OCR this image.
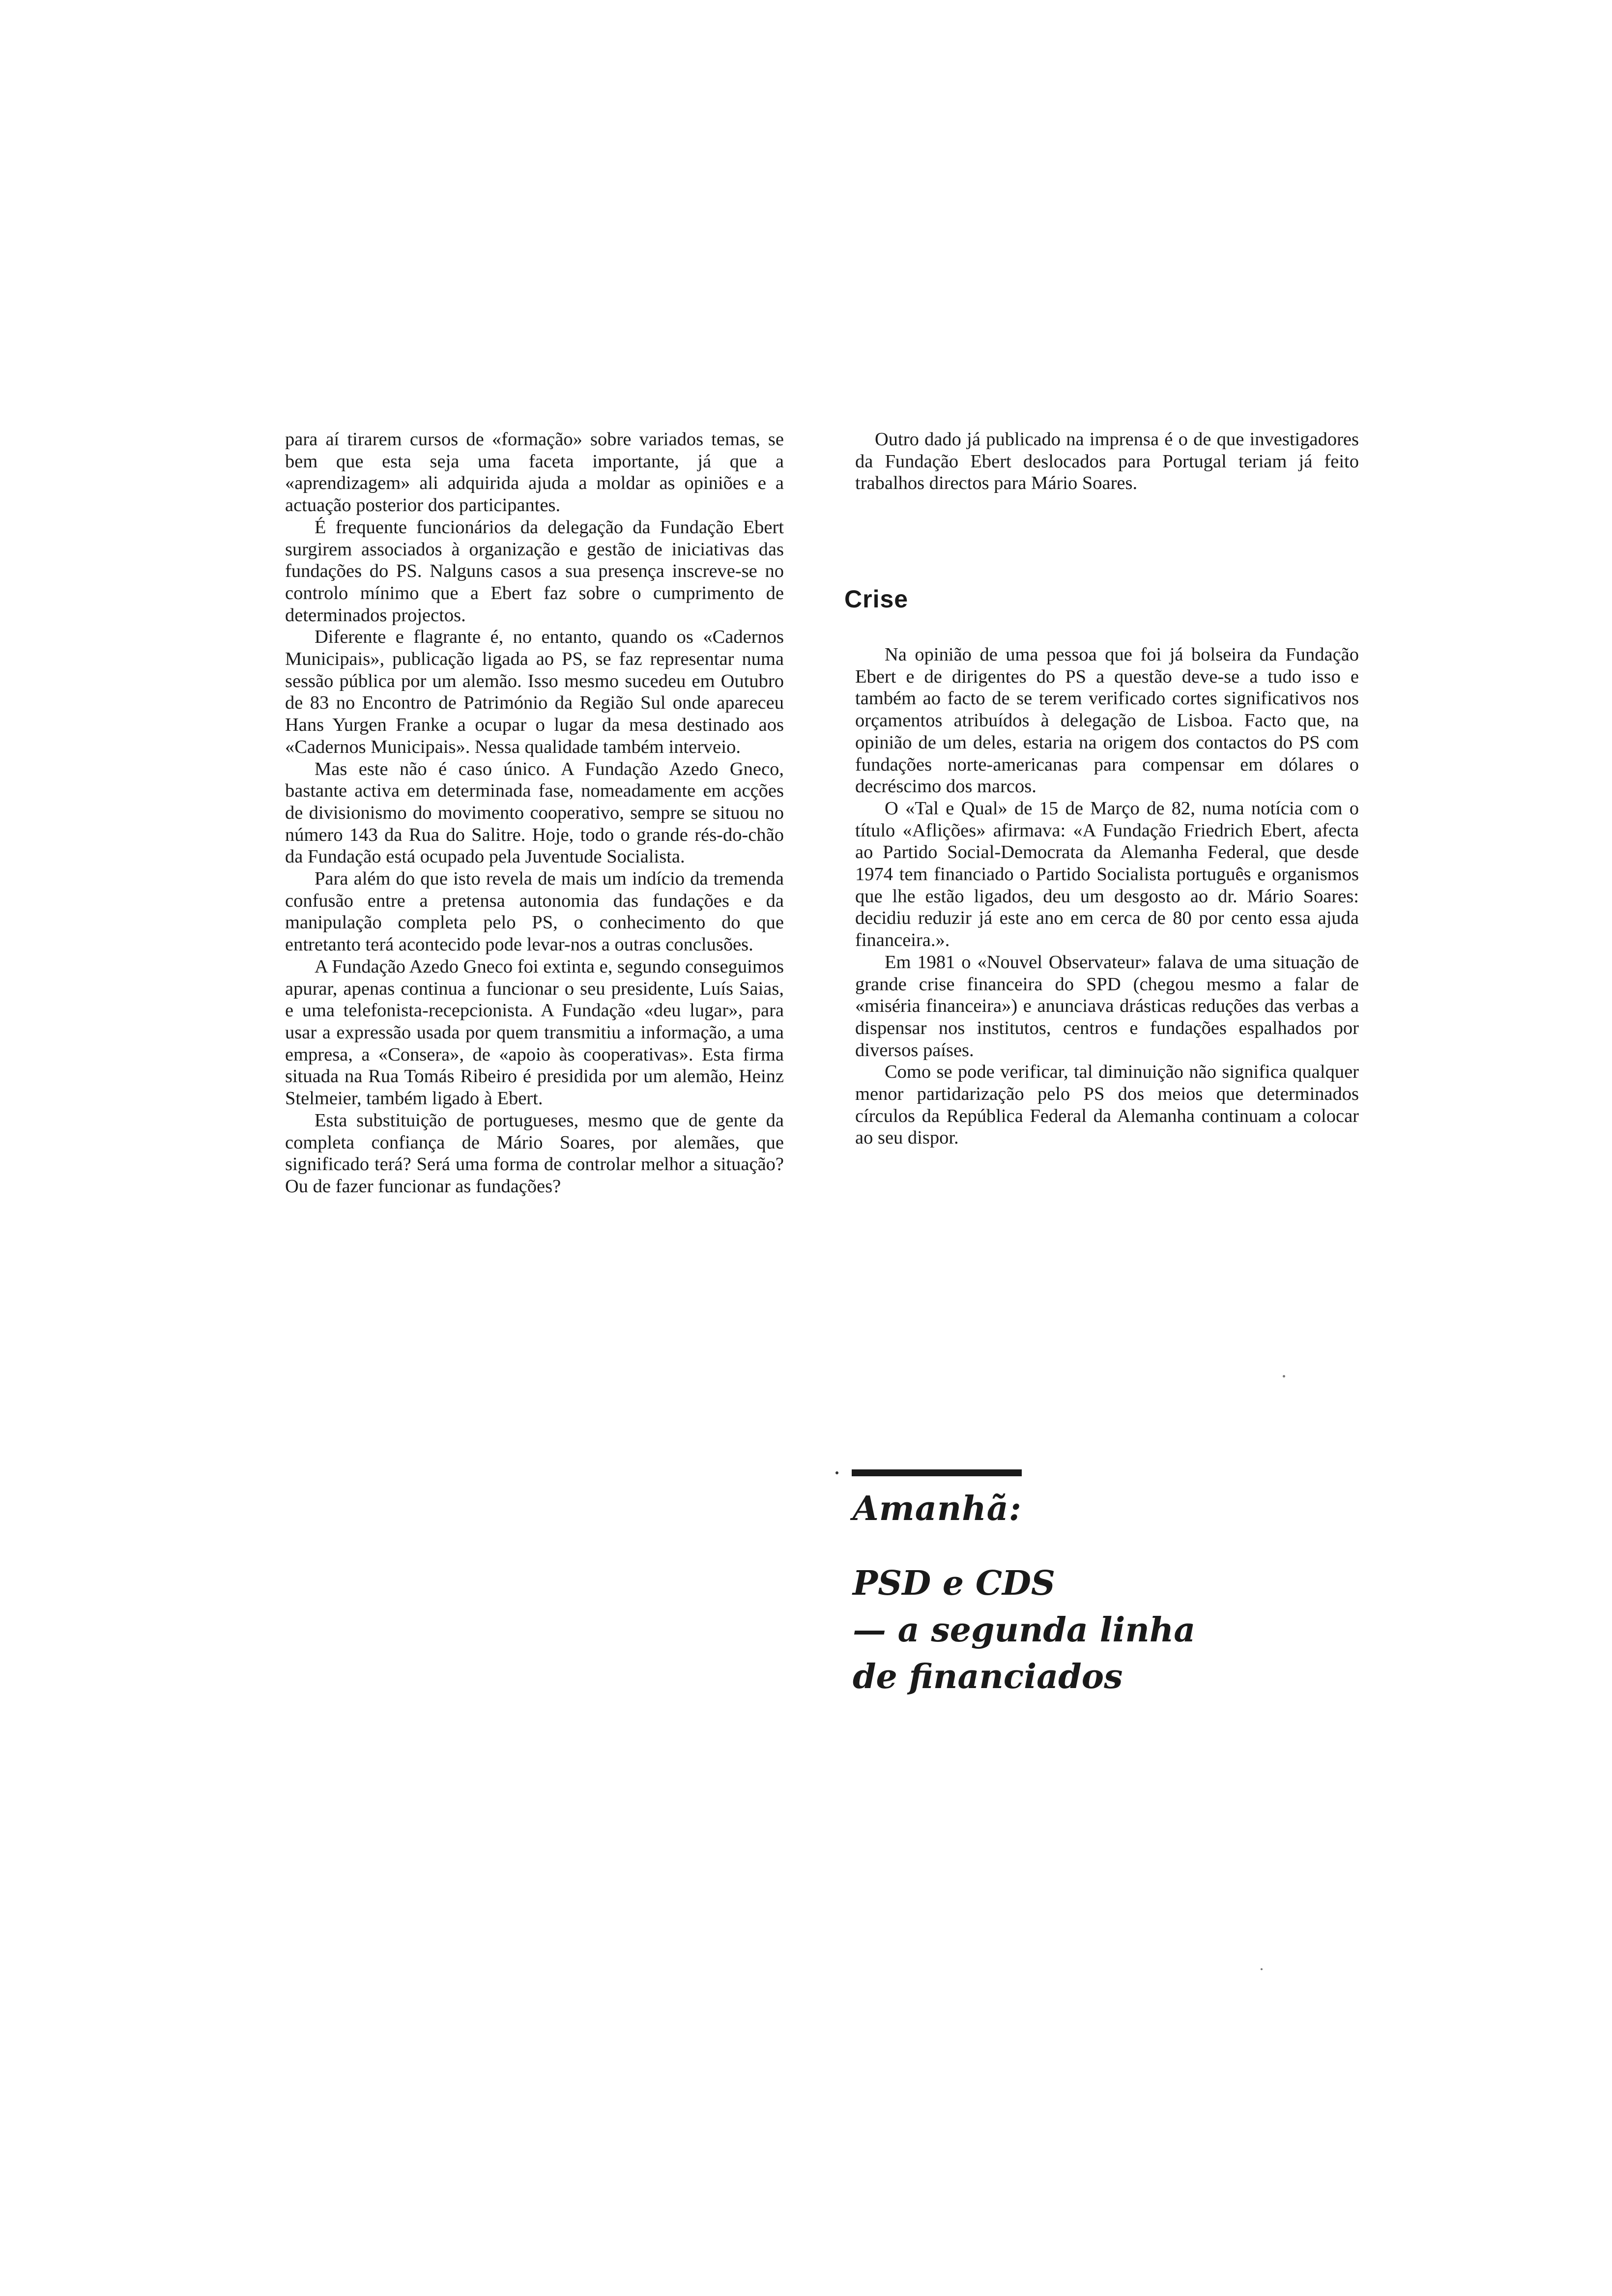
para aí tirarem cursos de «formação» sobre variados temas, se bem que esta seja uma faceta importante, já que a «aprendizagem» ali adquirida ajuda a moldar as opiniões e a actuação posterior dos participantes.

É frequente funcionários da delegação da Fundação Ebert surgirem associados à organização e gestão de iniciativas das fundações do PS. Nalguns casos a sua presença inscreve-se no controlo mínimo que a Ebert faz sobre o cumprimento de determinados projectos.

Diferente e flagrante é, no entanto, quando os «Cadernos Municipais», publicação ligada ao PS, se faz representar numa sessão pública por um alemão. Isso mesmo sucedeu em Outubro de 83 no Encontro de Património da Região Sul onde apareceu Hans Yurgen Franke a ocupar o lugar da mesa destinado aos «Cadernos Municipais». Nessa qualidade também interveio.

Mas este não é caso único. A Fundação Azedo Gneco, bastante activa em determinada fase, nomeadamente em acções de divisionismo do movimento cooperativo, sempre se situou no número 143 da Rua do Salitre. Hoje, todo o grande rés-do-chão da Fundação está ocupado pela Juventude Socialista.

Para além do que isto revela de mais um indício da tremenda confusão entre a pretensa autonomia das fundações e da manipulação completa pelo PS, o conhecimento do que entretanto terá acontecido pode levar-nos a outras conclusões.

A Fundação Azedo Gneco foi extinta e, segundo conseguimos apurar, apenas continua a funcionar o seu presidente, Luís Saias, e uma telefonista-recepcionista. A Fundação «deu lugar», para usar a expressão usada por quem transmitiu a informação, a uma empresa, a «Consera», de «apoio às cooperativas». Esta firma situada na Rua Tomás Ribeiro é presidida por um alemão, Heinz Stelmeier, também ligado à Ebert.

Esta substituição de portugueses, mesmo que de gente da completa confiança de Mário Soares, por alemães, que significado terá? Será uma forma de controlar melhor a situação? Ou de fazer funcionar as fundações?

Outro dado já publicado na imprensa é o de que investigadores da Fundação Ebert deslocados para Portugal teriam já feito trabalhos directos para Mário Soares.

Crise

Na opinião de uma pessoa que foi já bolseira da Fundação Ebert e de dirigentes do PS a questão deve-se a tudo isso e também ao facto de se terem verificado cortes significativos nos orçamentos atribuídos à delegação de Lisboa. Facto que, na opinião de um deles, estaria na origem dos contactos do PS com fundações norte-americanas para compensar em dólares o decréscimo dos marcos.

O «Tal e Qual» de 15 de Março de 82, numa notícia com o título «Aflições» afirmava: «A Fundação Friedrich Ebert, afecta ao Partido Social-Democrata da Alemanha Federal, que desde 1974 tem financiado o Partido Socialista português e organismos que lhe estão ligados, deu um desgosto ao dr. Mário Soares: decidiu reduzir já este ano em cerca de 80 por cento essa ajuda financeira.».

Em 1981 o «Nouvel Observateur» falava de uma situação de grande crise financeira do SPD (chegou mesmo a falar de «miséria financeira») e anunciava drásticas reduções das verbas a dispensar nos institutos, centros e fundações espalhados por diversos países.

Como se pode verificar, tal diminuição não significa qualquer menor partidarização pelo PS dos meios que determinados círculos da República Federal da Alemanha continuam a colocar ao seu dispor.

Amanhã:
PSD e CDS
— a segunda linha
de financiados
